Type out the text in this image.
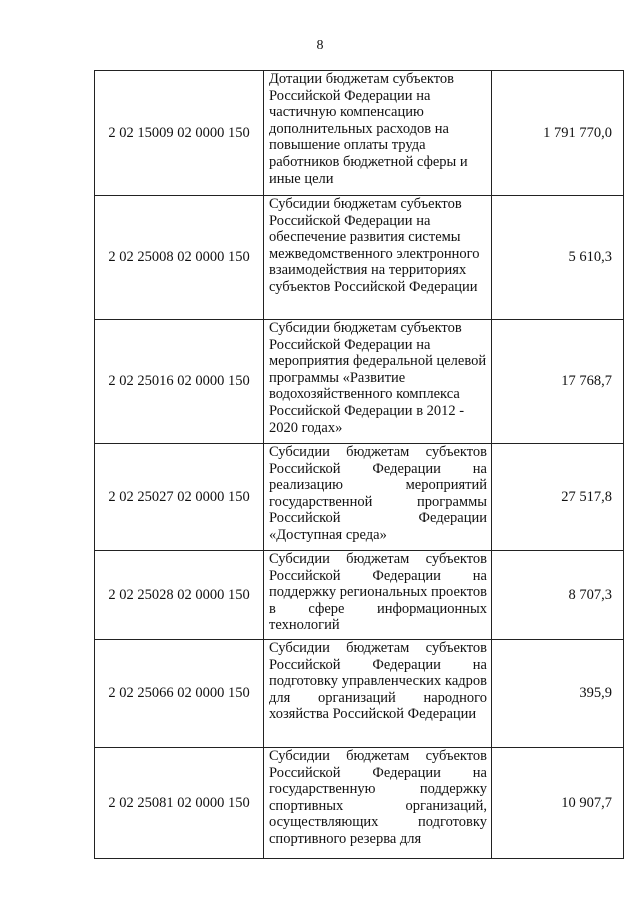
8
2 02 15009 02 0000 150	Дотации бюджетам субъектов Российской Федерации на частичную компенсацию дополнительных расходов на повышение оплаты труда работников бюджетной сферы и иные цели	1 791 770,0
2 02 25008 02 0000 150	Субсидии бюджетам субъектов Российской Федерации на обеспечение развития системы межведомственного электронного взаимодействия на территориях субъектов Российской Федерации	5 610,3
2 02 25016 02 0000 150	Субсидии бюджетам субъектов Российской Федерации на мероприятия федеральной целевой программы «Развитие водохозяйственного комплекса Российской Федерации в 2012 - 2020 годах»	17 768,7
2 02 25027 02 0000 150	Субсидии бюджетам субъектов Российской Федерации на реализацию мероприятий государственной программы Российской Федерации «Доступная среда»	27 517,8
2 02 25028 02 0000 150	Субсидии бюджетам субъектов Российской Федерации на поддержку региональных проектов в сфере информационных технологий	8 707,3
2 02 25066 02 0000 150	Субсидии бюджетам субъектов Российской Федерации на подготовку управленческих кадров для организаций народного хозяйства Российской Федерации	395,9
2 02 25081 02 0000 150	Субсидии бюджетам субъектов Российской Федерации на государственную поддержку спортивных организаций, осуществляющих подготовку спортивного резерва для	10 907,7
